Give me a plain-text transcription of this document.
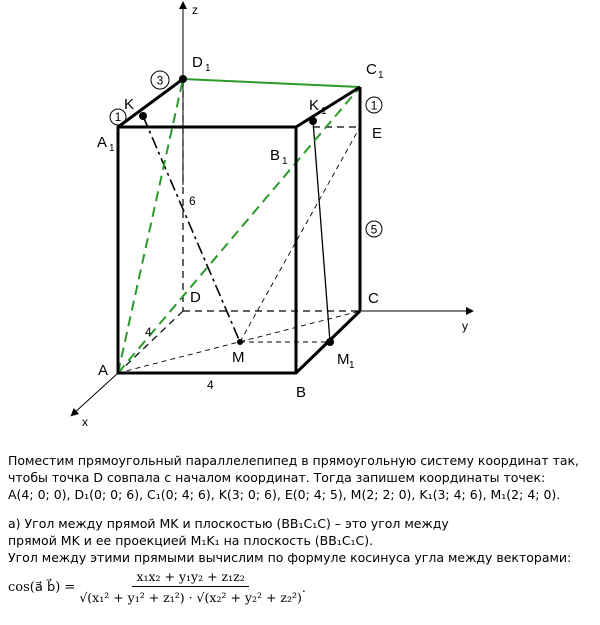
3
1
1
5
z
y
x
D 1	C 1
K	K 1
A 1	B 1
E
D	C
A
B
M	M 1
6
4
4

Поместим прямоугольный параллелепипед в прямоугольную систему координат так,

чтобы точка D совпала с началом координат. Тогда запишем координаты точек:

A(4; 0; 0), D₁(0; 0; 6), C₁(0; 4; 6), K(3; 0; 6), E(0; 4; 5), M(2; 2; 0), K₁(3; 4; 6), M₁(2; 4; 0).

а) Угол между прямой MK и плоскостью (BB₁C₁C) – это угол между

прямой MK и ее проекцией M₁K₁ на плоскость (BB₁C₁C).

Угол между этими прямыми вычислим по формуле косинуса угла между векторами:

cos(a⃗ b⃗) = $\frac{\text{x₁x₂ + y₁y₂ + z₁z₂}}{\text{√(x₁² + y₁² + z₁²) · √(x₂² + y₂² + z₂²)}}$ .
